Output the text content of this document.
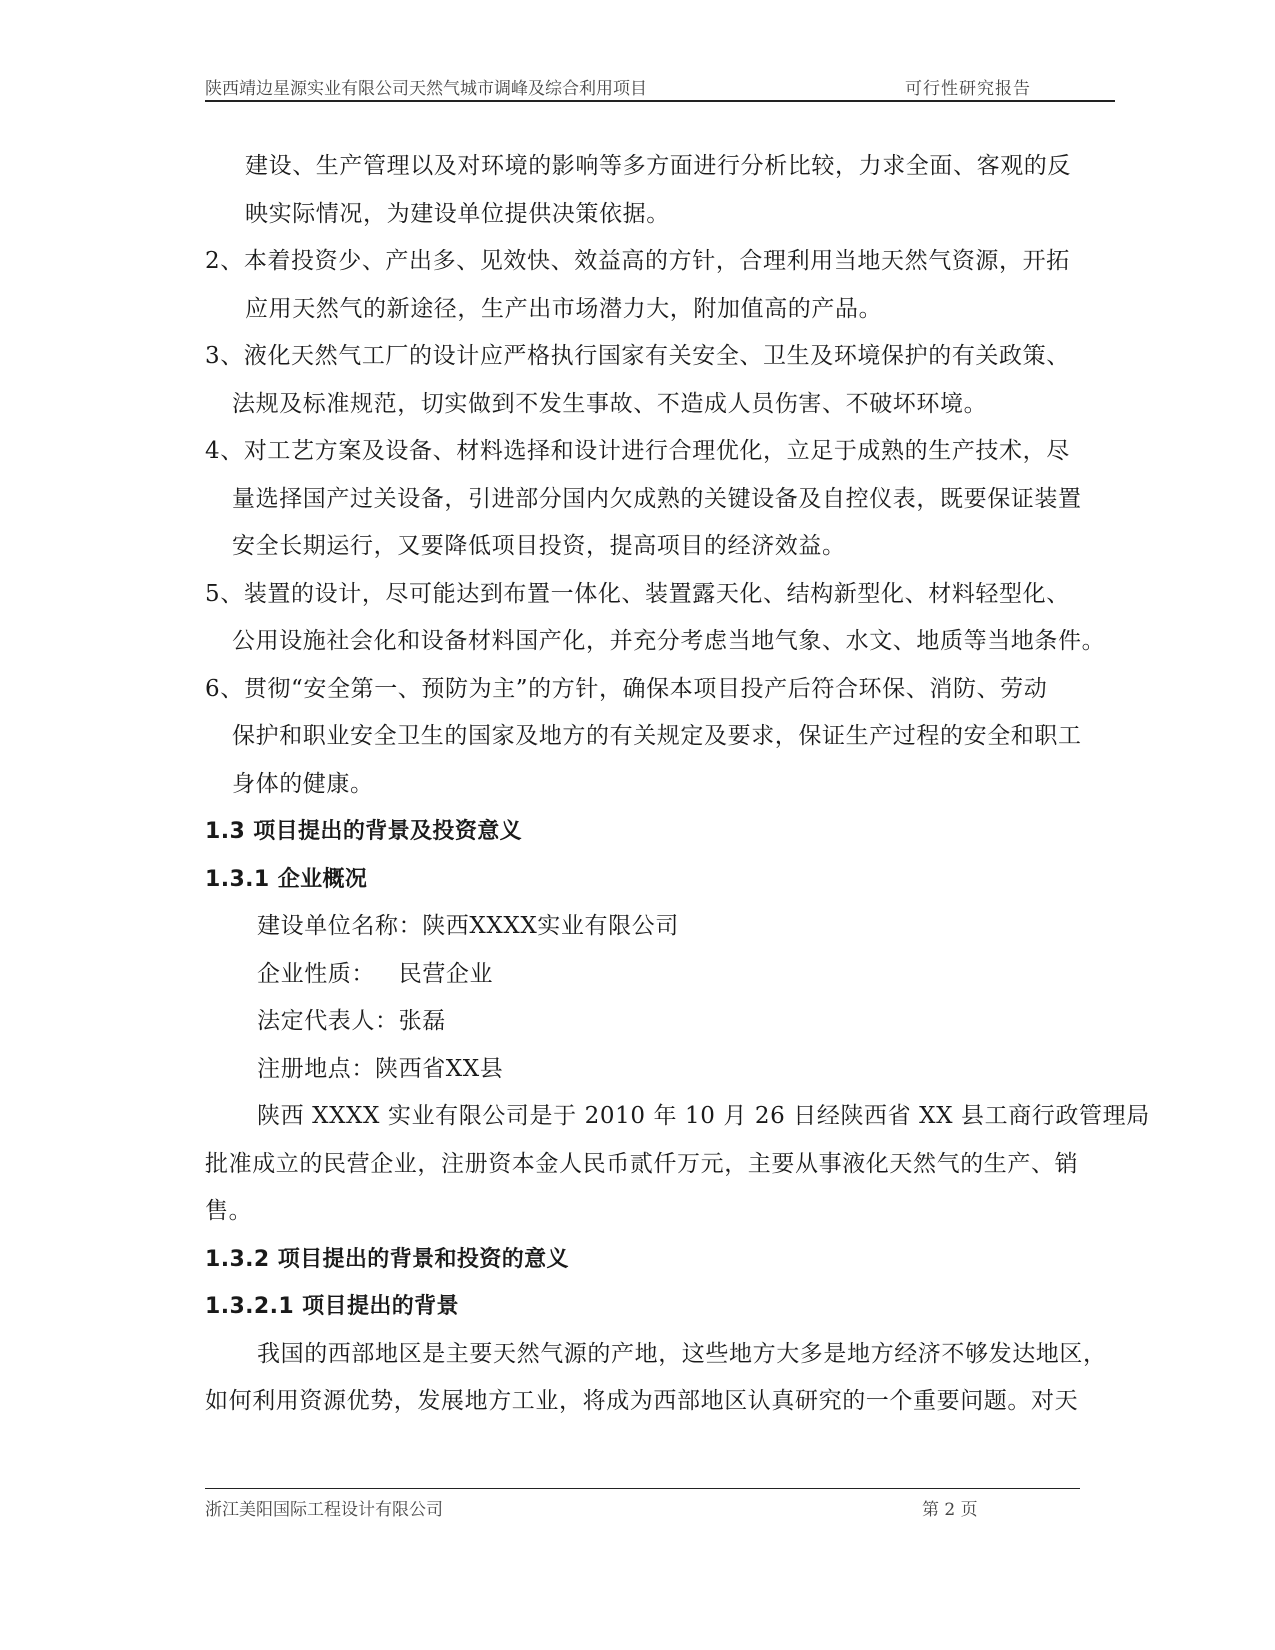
陕西靖边星源实业有限公司天然气城市调峰及综合利用项目	可行性研究报告
建设、生产管理以及对环境的影响等多方面进行分析比较，力求全面、客观的反
映实际情况，为建设单位提供决策依据。
2、本着投资少、产出多、见效快、效益高的方针，合理利用当地天然气资源，开拓
应用天然气的新途径，生产出市场潜力大，附加值高的产品。
3、液化天然气工厂的设计应严格执行国家有关安全、卫生及环境保护的有关政策、
法规及标准规范，切实做到不发生事故、不造成人员伤害、不破坏环境。
4、对工艺方案及设备、材料选择和设计进行合理优化，立足于成熟的生产技术，尽
量选择国产过关设备，引进部分国内欠成熟的关键设备及自控仪表，既要保证装置
安全长期运行，又要降低项目投资，提高项目的经济效益。
5、装置的设计，尽可能达到布置一体化、装置露天化、结构新型化、材料轻型化、
公用设施社会化和设备材料国产化，并充分考虑当地气象、水文、地质等当地条件。
6、贯彻“安全第一、预防为主”的方针，确保本项目投产后符合环保、消防、劳动
保护和职业安全卫生的国家及地方的有关规定及要求，保证生产过程的安全和职工
身体的健康。
1.3 项目提出的背景及投资意义
1.3.1 企业概况
建设单位名称：陕西XXXX实业有限公司
企业性质：   民营企业
法定代表人：张磊
注册地点：陕西省XX县
陕西 XXXX 实业有限公司是于 2010 年 10 月 26 日经陕西省 XX 县工商行政管理局
批准成立的民营企业，注册资本金人民币贰仟万元，主要从事液化天然气的生产、销
售。
1.3.2 项目提出的背景和投资的意义
1.3.2.1 项目提出的背景
我国的西部地区是主要天然气源的产地，这些地方大多是地方经济不够发达地区，
如何利用资源优势，发展地方工业，将成为西部地区认真研究的一个重要问题。对天
浙江美阳国际工程设计有限公司	第 2 页
